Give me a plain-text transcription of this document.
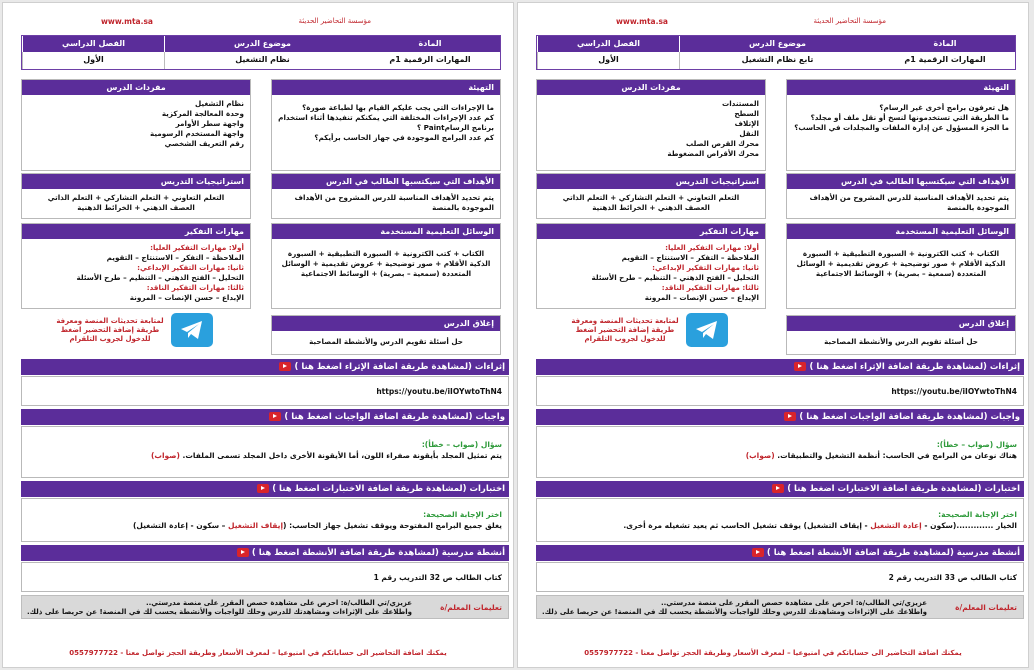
مؤسسة التحاضير الحديثة
www.mta.sa
المادة
موضوع الدرس
الفصل الدراسي
المهارات الرقمية 1م
تابع نظام التشغيل
الأول
التهيئة
هل تعرفون برامج أخرى غير الرسام؟
ما الطريقة التي تستخدمونها لنسخ أو نقل ملف أو مجلد؟
ما الجزء المسؤول عن إدارة الملفات والمجلدات في الحاسب؟
مفردات الدرس
المستندات
السطح
الإتلاف
النقل
محرك القرص الصلب
محرك الأقراص المضغوطة
الأهداف التي سيكتسبها الطالب في الدرس
يتم تحديد الأهداف المناسبة للدرس المشروح من الأهداف الموجودة بالمنصة
استراتيجيات التدريس
التعلم التعاوني + التعلم التشاركي + التعلم الذاتي
العصف الذهني + الخرائط الذهنية
الوسائل التعليمية المستخدمة
الكتاب + كتب الكترونية + السبورة التطبيقية + السبورة الذكية الأقلام + صور توضيحية + عروض تقديمية + الوسائل المتعددة (سمعية – بصرية) + الوسائط الاجتماعية
مهارات التفكير
أولا: مهارات التفكير العليا:
الملاحظة – التفكر – الاستنتاج – التقويم
ثانيا: مهارات التفكير الإبداعي:
التحليل – الفتح الذهني – التنظيم – طرح الأسئلة
ثالثا: مهارات التفكير الناقد:
الإبداع – حسن الإنصات – المرونة
إغلاق الدرس
حل أسئلة تقويم الدرس والأنشطة المصاحبة
لمتابعة تحديثات المنصة ومعرفة طريقة إضافة التحضير اضغط للدخول لجروب التلقرام
إثراءات (لمشاهدة طريقة اضافة الإثراء اضغط هنا )
https://youtu.be/iIOYwtoThN4
واجبات (لمشاهدة طريقة اضافة الواجبات اضغط هنا )
سؤال (صواب – خطأ):
هناك نوعان من البرامج في الحاسب: أنظمة التشغيل والتطبيقات. (صواب)
اختبارات (لمشاهدة طريقة اضافة الاختبارات اضغط هنا )
اختر الإجابة الصحيحة:
الخيار .............(سكون - إعادة التشغيل - إيقاف التشغيل) يوقف تشغيل الحاسب ثم يعيد تشغيله مرة أخرى.
أنشطة مدرسية (لمشاهدة طريقة اضافة الأنشطة اضغط هنا )
كتاب الطالب ص 33 التدريب رقم 2
تعليمات المعلم/ة
عزيزي/تي الطالب/ة: احرص على مشاهدة حصص المقرر على منصة مدرستي..
واطلاعك على الإثراءات ومشاهدتك للدرس وحلك للواجبات والأنشطة يحسب لك في المنصة! عن حريصا على ذلك.
يمكنك اضافة التحاضير الى حساباتكم في امنيوعيا – لمعرف الأسعار وطريقة الحجز تواصل معنا - 0557977722
مؤسسة التحاضير الحديثة
www.mta.sa
المادة
موضوع الدرس
الفصل الدراسي
المهارات الرقمية 1م
نظام التشغيل
الأول
التهيئة
ما الإجراءات التي يجب عليكم القيام بها لطباعة صورة؟
كم عدد الإجراءات المختلفة التي يمكنكم تنفيذها أثناء استخدام برنامج الرسامPaint ؟
كم عدد البرامج الموجودة في جهاز الحاسب برأيكم؟
مفردات الدرس
نظام التشغيل
وحدة المعالجة المركزية
واجهة سطر الأوامر
واجهة المستخدم الرسومية
رقم التعريف الشخصي
الأهداف التي سيكتسبها الطالب في الدرس
يتم تحديد الأهداف المناسبة للدرس المشروح من الأهداف الموجودة بالمنصة
استراتيجيات التدريس
التعلم التعاوني + التعلم التشاركي + التعلم الذاتي
العصف الذهني + الخرائط الذهنية
الوسائل التعليمية المستخدمة
الكتاب + كتب الكترونية + السبورة التطبيقية + السبورة الذكية الأقلام + صور توضيحية + عروض تقديمية + الوسائل المتعددة (سمعية – بصرية) + الوسائط الاجتماعية
مهارات التفكير
أولا: مهارات التفكير العليا:
الملاحظة – التفكر – الاستنتاج – التقويم
ثانيا: مهارات التفكير الإبداعي:
التحليل – الفتح الذهني – التنظيم – طرح الأسئلة
ثالثا: مهارات التفكير الناقد:
الإبداع – حسن الإنصات – المرونة
إغلاق الدرس
حل أسئلة تقويم الدرس والأنشطة المصاحبة
لمتابعة تحديثات المنصة ومعرفة طريقة إضافة التحضير اضغط للدخول لجروب التلقرام
إثراءات (لمشاهدة طريقة اضافة الإثراء اضغط هنا )
https://youtu.be/iIOYwtoThN4
واجبات (لمشاهدة طريقة اضافة الواجبات اضغط هنا )
سؤال (صواب – خطأ):
يتم تمثيل المجلد بأيقونة صفراء اللون، أما الأيقونة الأخرى داخل المجلد تسمى الملفات. (صواب)
اختبارات (لمشاهدة طريقة اضافة الاختبارات اضغط هنا )
اختر الإجابة الصحيحة:
يغلق جميع البرامج المفتوحة ويوقف تشغيل جهاز الحاسب: (إيقاف التشغيل – سكون - إعادة التشغيل)
أنشطة مدرسية (لمشاهدة طريقة اضافة الأنشطة اضغط هنا )
كتاب الطالب ص 32 التدريب رقم 1
تعليمات المعلم/ة
عزيزي/تي الطالب/ة: احرص على مشاهدة حصص المقرر على منصة مدرستي..
واطلاعك على الإثراءات ومشاهدتك للدرس وحلك للواجبات والأنشطة يحسب لك في المنصة! عن حريصا على ذلك.
يمكنك اضافة التحاضير الى حساباتكم في امنيوعيا – لمعرف الأسعار وطريقة الحجز تواصل معنا - 0557977722
